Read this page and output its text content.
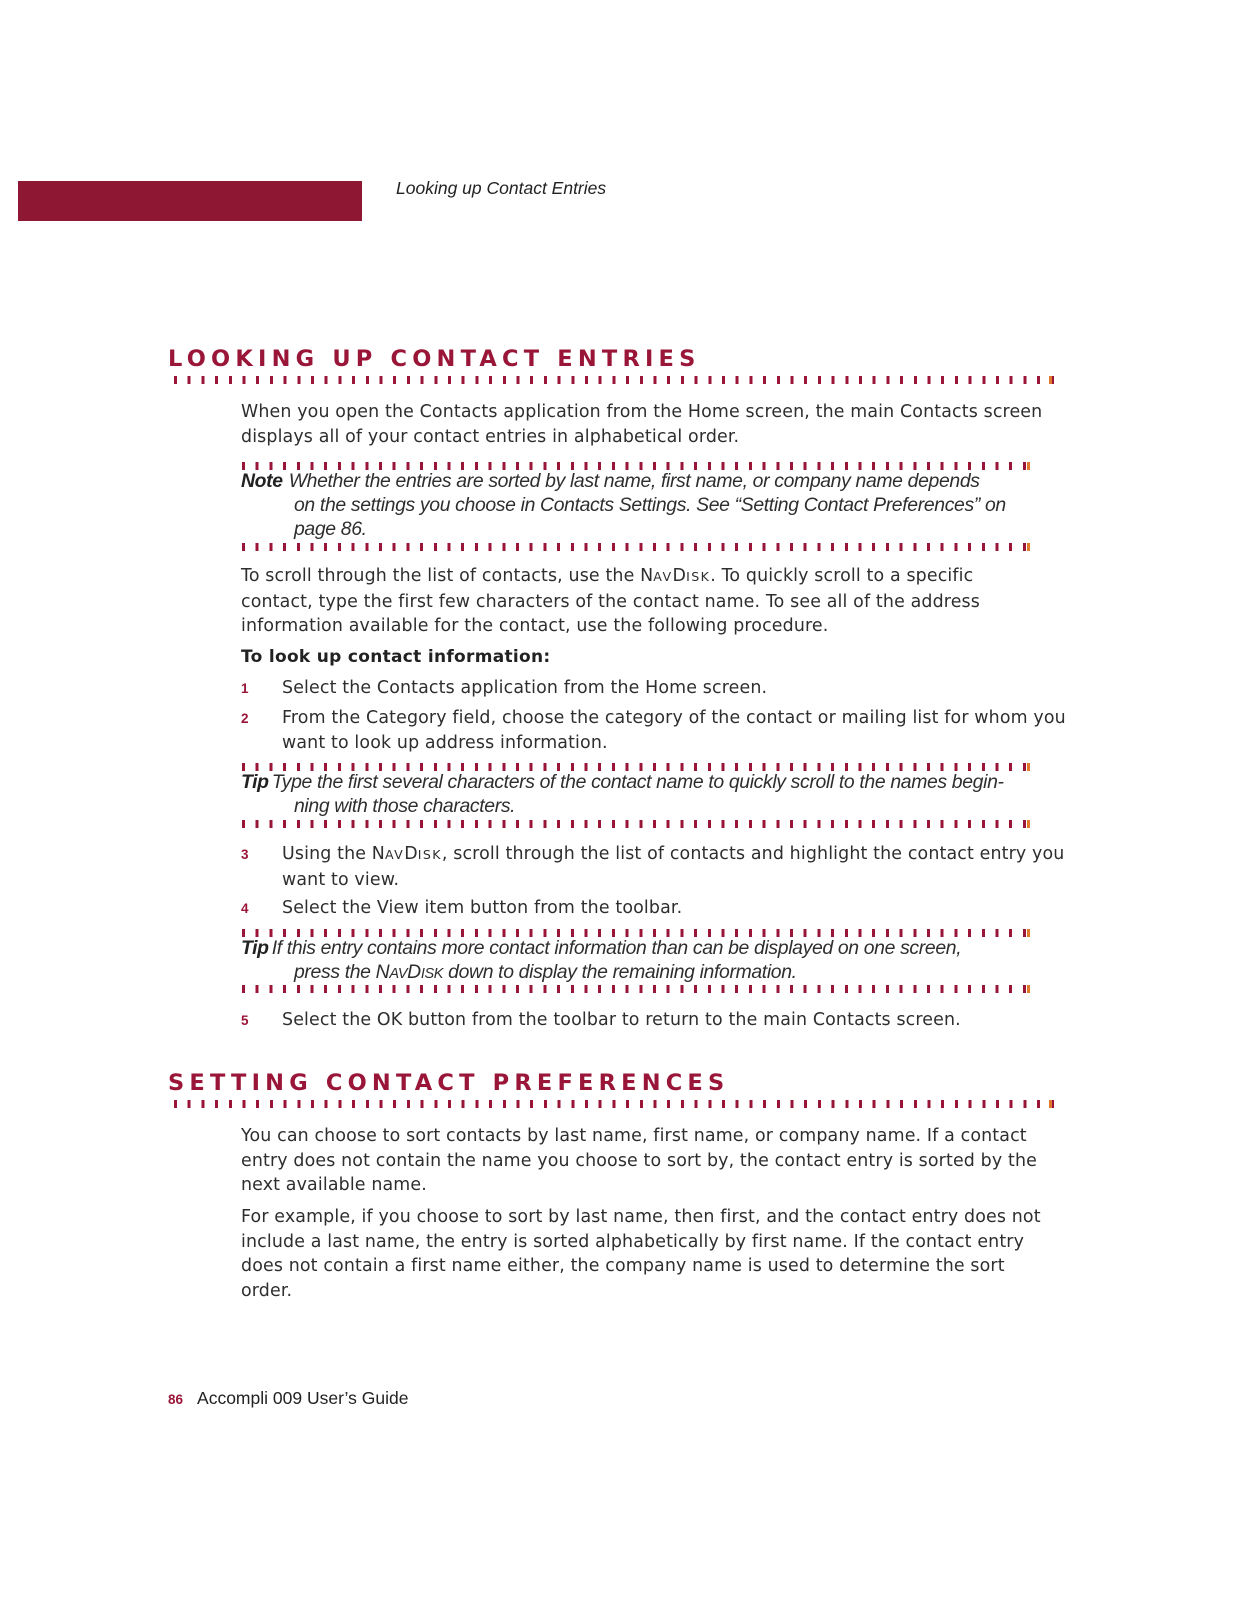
Looking up Contact Entries
LOOKING UP CONTACT ENTRIES
When you open the Contacts application from the Home screen, the main Contacts screen displays all of your contact entries in alphabetical order.
Note Whether the entries are sorted by last name, first name, or company name depends
on the settings you choose in Contacts Settings. See “Setting Contact Preferences” on
page 86.
To scroll through the list of contacts, use the NAVDISK. To quickly scroll to a specific
contact, type the first few characters of the contact name. To see all of the address
information available for the contact, use the following procedure.
To look up contact information:
1	Select the Contacts application from the Home screen.
2	From the Category field, choose the category of the contact or mailing list for whom you want to look up address information.
Tip Type the first several characters of the contact name to quickly scroll to the names begin-
ning with those characters.
3	Using the NAVDISK, scroll through the list of contacts and highlight the contact entry you want to view.
4	Select the View item button from the toolbar.
Tip If this entry contains more contact information than can be displayed on one screen,
press the NAVDISK down to display the remaining information.
5	Select the OK button from the toolbar to return to the main Contacts screen.
SETTING CONTACT PREFERENCES
You can choose to sort contacts by last name, first name, or company name. If a contact entry does not contain the name you choose to sort by, the contact entry is sorted by the next available name.
For example, if you choose to sort by last name, then first, and the contact entry does not include a last name, the entry is sorted alphabetically by first name. If the contact entry does not contain a first name either, the company name is used to determine the sort order.
86 Accompli 009 User’s Guide
